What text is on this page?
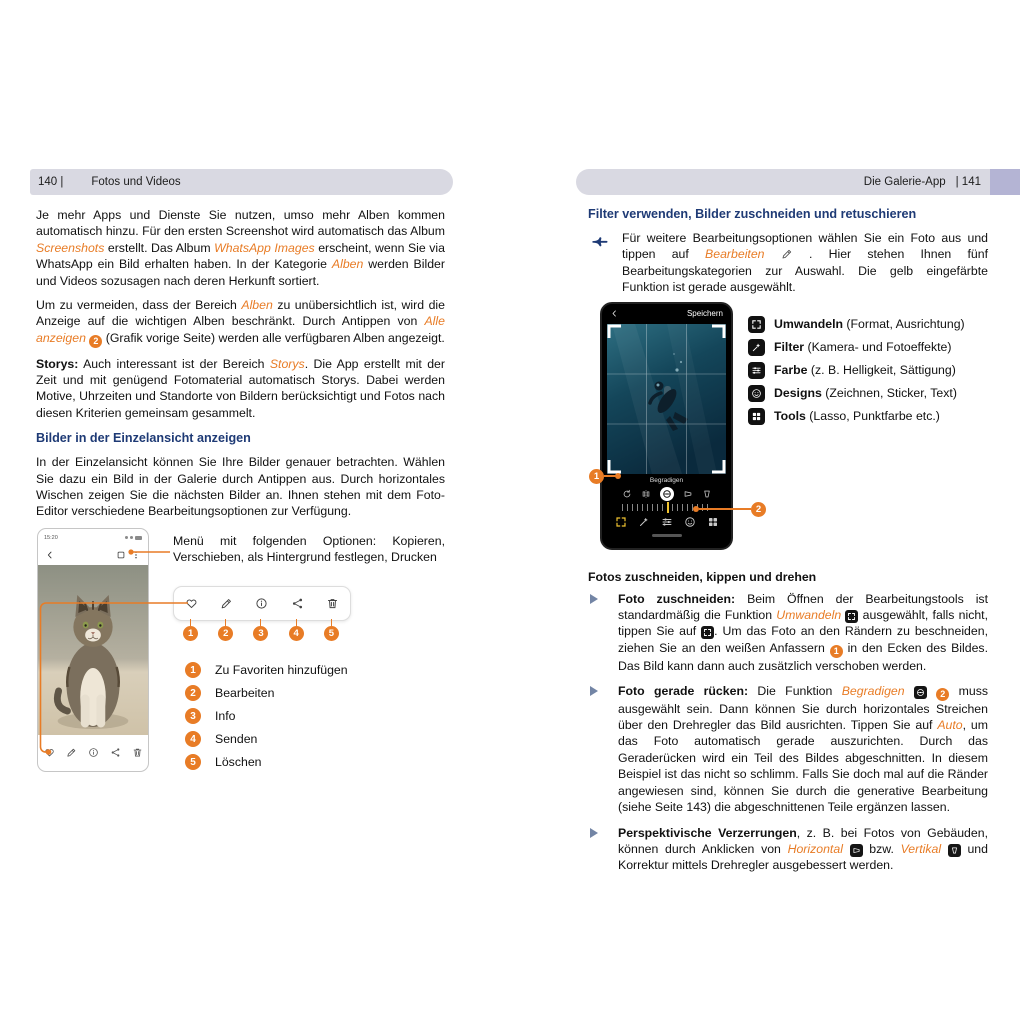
140 | Fotos und Videos	Die Galerie-App | 141

Je mehr Apps und Dienste Sie nutzen, umso mehr Alben kommen automatisch hinzu. Für den ersten Screenshot wird automatisch das Album Screenshots erstellt. Das Album WhatsApp Images erscheint, wenn Sie via WhatsApp ein Bild erhalten haben. In der Kategorie Alben werden Bilder und Videos sozusagen nach deren Herkunft sortiert.

Um zu vermeiden, dass der Bereich Alben zu unübersichtlich ist, wird die Anzeige auf die wichtigen Alben beschränkt. Durch Antippen von Alle anzeigen 2 (Grafik vorige Seite) werden alle verfügbaren Alben angezeigt.

Storys: Auch interessant ist der Bereich Storys. Die App erstellt mit der Zeit und mit genügend Fotomaterial automatisch Storys. Dabei werden Motive, Uhrzeiten und Standorte von Bildern berücksichtigt und Fotos nach diesen Kriterien gemeinsam gesammelt.

Bilder in der Einzelansicht anzeigen

In der Einzelansicht können Sie Ihre Bilder genauer betrachten. Wählen Sie dazu ein Bild in der Galerie durch Antippen aus. Durch horizontales Wischen zeigen Sie die nächsten Bilder an. Ihnen stehen mit dem Foto-Editor verschiedene Bearbeitungsoptionen zur Verfügung.

15:20	Menü mit folgenden Optionen: Kopieren, Verschieben, als Hintergrund festlegen, Drucken

1	2	3	4	5
1	Zu Favoriten hinzufügen
2	Bearbeiten
3	Info
4	Senden
5	Löschen
Filter verwenden, Bilder zuschneiden und retuschieren

Für weitere Bearbeitungsoptionen wählen Sie ein Foto aus und tippen auf Bearbeiten
. Hier stehen Ihnen fünf Bearbeitungskategorien zur Auswahl. Die gelb eingefärbte Funktion ist gerade ausgewählt.

Speichern
Begradigen
Umwandeln (Format, Ausrichtung)
Filter (Kamera- und Fotoeffekte)
Farbe (z. B. Helligkeit, Sättigung)
Designs (Zeichnen, Sticker, Text)
Tools (Lasso, Punktfarbe etc.)
1
2
Fotos zuschneiden, kippen und drehen

Foto zuschneiden: Beim Öffnen der Bearbeitungstools ist standardmäßig die Funktion Umwandeln
ausgewählt, falls nicht, tippen Sie auf
. Um das Foto an den Rändern zu beschneiden, ziehen Sie an den weißen Anfassern 1 in den Ecken des Bildes. Das Bild kann dann auch zusätzlich verschoben werden.

Foto gerade rücken: Die Funktion Begradigen	2 muss ausgewählt sein. Dann können Sie durch horizontales Streichen über den Drehregler das Bild ausrichten. Tippen Sie auf Auto, um das Foto automatisch gerade auszurichten. Durch das Geraderücken wird ein Teil des Bildes abgeschnitten. In diesem Beispiel ist das nicht so schlimm. Falls Sie doch mal auf die Ränder angewiesen sind, können Sie durch die generative Bearbeitung (siehe Seite 143) die abgeschnittenen Teile ergänzen lassen.

Perspektivische Verzerrungen, z. B. bei Fotos von Gebäuden, können durch Anklicken von Horizontal
bzw. Vertikal
und Korrektur mittels Drehregler ausgebessert werden.
